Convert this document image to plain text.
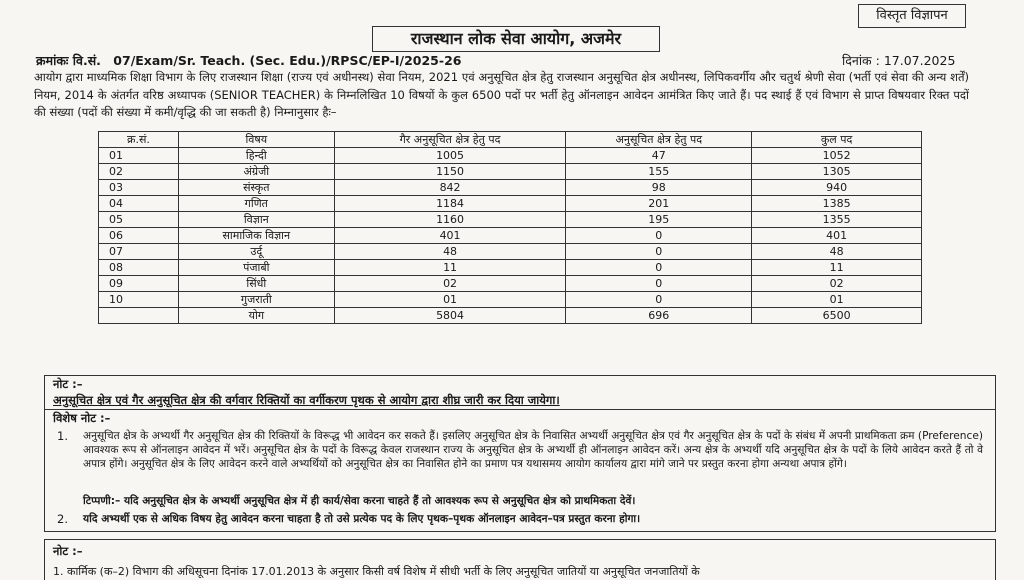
विस्तृत विज्ञापन
राजस्थान लोक सेवा आयोग, अजमेर
क्रमांकः वि.सं. 07/Exam/Sr. Teach. (Sec. Edu.)/RPSC/EP-I/2025-26	दिनांक : 17.07.2025
आयोग द्वारा माध्यमिक शिक्षा विभाग के लिए राजस्थान शिक्षा (राज्य एवं अधीनस्थ) सेवा नियम, 2021 एवं अनुसूचित क्षेत्र हेतु राजस्थान अनुसूचित क्षेत्र अधीनस्थ, लिपिकवर्गीय और चतुर्थ श्रेणी सेवा (भर्ती एवं सेवा की अन्य शर्तें) नियम, 2014 के अंतर्गत वरिष्ठ अध्यापक (SENIOR TEACHER) के निम्नलिखित 10 विषयों के कुल 6500 पदों पर भर्ती हेतु ऑनलाइन आवेदन आमंत्रित किए जाते हैं। पद स्थाई हैं एवं विभाग से प्राप्त विषयवार रिक्त पदों की संख्या (पदों की संख्या में कमी/वृद्धि की जा सकती है) निम्नानुसार हैः–
क्र.सं.	विषय	गैर अनुसूचित क्षेत्र हेतु पद	अनुसूचित क्षेत्र हेतु पद	कुल पद
01	हिन्दी	1005	47	1052
02	अंग्रेजी	1150	155	1305
03	संस्कृत	842	98	940
04	गणित	1184	201	1385
05	विज्ञान	1160	195	1355
06	सामाजिक विज्ञान	401	0	401
07	उर्दू	48	0	48
08	पंजाबी	11	0	11
09	सिंधी	02	0	02
10	गुजराती	01	0	01
	योग	5804	696	6500
नोट :–
अनुसूचित क्षेत्र एवं गैर अनुसूचित क्षेत्र की वर्गवार रिक्तियों का वर्गीकरण पृथक से आयोग द्वारा शीघ्र जारी कर दिया जायेगा।
विशेष नोट :–
1. अनुसूचित क्षेत्र के अभ्यर्थी गैर अनुसूचित क्षेत्र की रिक्तियों के विरूद्ध भी आवेदन कर सकते हैं। इसलिए अनुसूचित क्षेत्र के निवासित अभ्यर्थी अनुसूचित क्षेत्र एवं गैर अनुसूचित क्षेत्र के पदों के संबंध में अपनी प्राथमिकता क्रम (Preference) आवश्यक रूप से ऑनलाइन आवेदन में भरें। अनुसूचित क्षेत्र के पदों के विरूद्ध केवल राजस्थान राज्य के अनुसूचित क्षेत्र के अभ्यर्थी ही ऑनलाइन आवेदन करें। अन्य क्षेत्र के अभ्यर्थी यदि अनुसूचित क्षेत्र के पदों के लिये आवेदन करते हैं तो वे अपात्र होंगे। अनुसूचित क्षेत्र के लिए आवेदन करने वाले अभ्यर्थियों को अनुसूचित क्षेत्र का निवासित होने का प्रमाण पत्र यथासमय आयोग कार्यालय द्वारा मांगे जाने पर प्रस्तुत करना होगा अन्यथा अपात्र होंगे।
टिप्पणी:– यदि अनुसूचित क्षेत्र के अभ्यर्थी अनुसूचित क्षेत्र में ही कार्य/सेवा करना चाहते हैं तो आवश्यक रूप से अनुसूचित क्षेत्र को प्राथमिकता देवें।
2. यदि अभ्यर्थी एक से अधिक विषय हेतु आवेदन करना चाहता है तो उसे प्रत्येक पद के लिए पृथक–पृथक ऑनलाइन आवेदन–पत्र प्रस्तुत करना होगा।
नोट :–
1. कार्मिक (क–2) विभाग की अधिसूचना दिनांक 17.01.2013 के अनुसार किसी वर्ष विशेष में सीधी भर्ती के लिए अनुसूचित जातियों या अनुसूचित जनजातियों के
